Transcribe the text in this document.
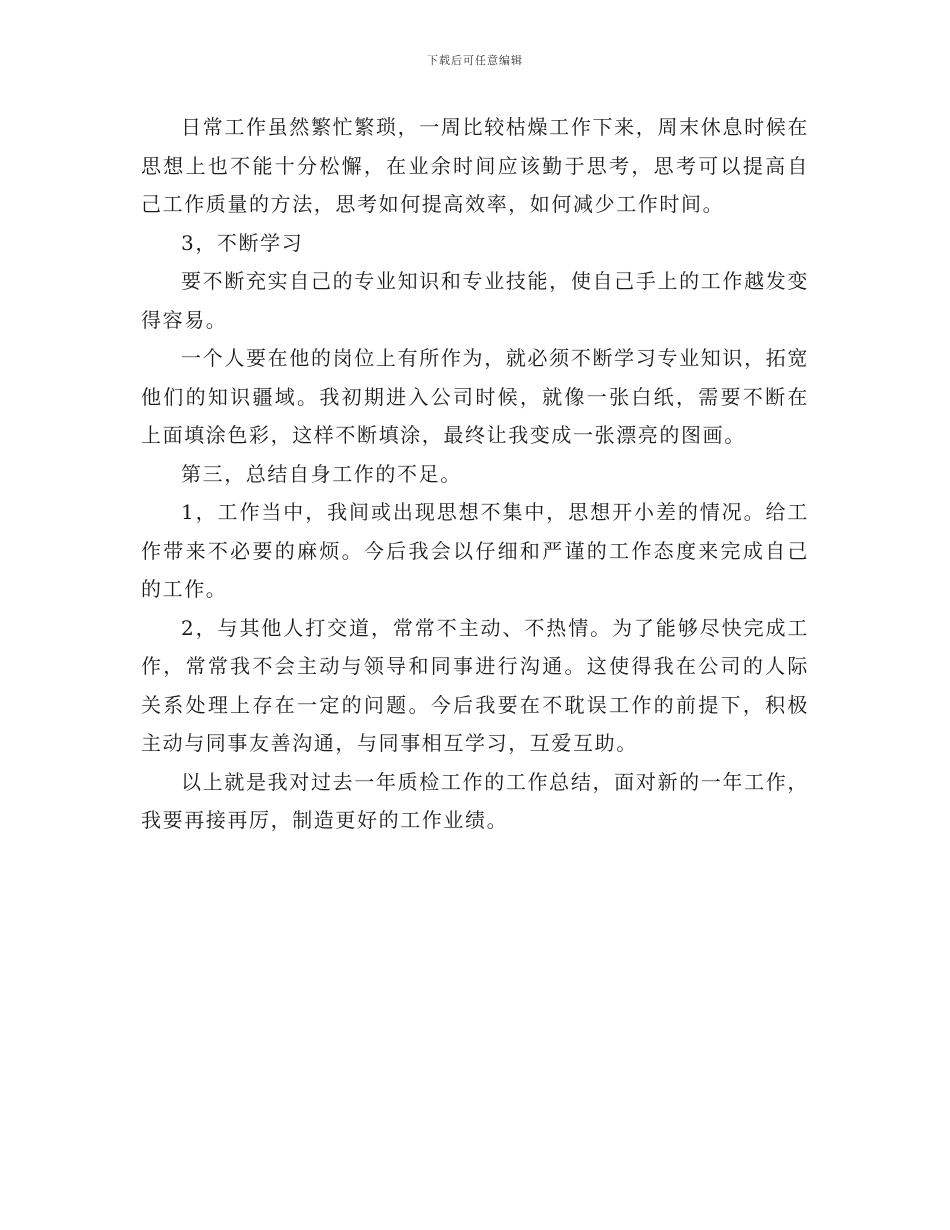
下载后可任意编辑

日常工作虽然繁忙繁琐，一周比较枯燥工作下来，周末休息时候在思想上也不能十分松懈，在业余时间应该勤于思考，思考可以提高自己工作质量的方法，思考如何提高效率，如何减少工作时间。

3，不断学习

要不断充实自己的专业知识和专业技能，使自己手上的工作越发变得容易。

一个人要在他的岗位上有所作为，就必须不断学习专业知识，拓宽他们的知识疆域。我初期进入公司时候，就像一张白纸，需要不断在上面填涂色彩，这样不断填涂，最终让我变成一张漂亮的图画。

第三，总结自身工作的不足。

1，工作当中，我间或出现思想不集中，思想开小差的情况。给工作带来不必要的麻烦。今后我会以仔细和严谨的工作态度来完成自己的工作。

2，与其他人打交道，常常不主动、不热情。为了能够尽快完成工作，常常我不会主动与领导和同事进行沟通。这使得我在公司的人际关系处理上存在一定的问题。今后我要在不耽误工作的前提下，积极主动与同事友善沟通，与同事相互学习，互爱互助。

以上就是我对过去一年质检工作的工作总结，面对新的一年工作，我要再接再厉，制造更好的工作业绩。
